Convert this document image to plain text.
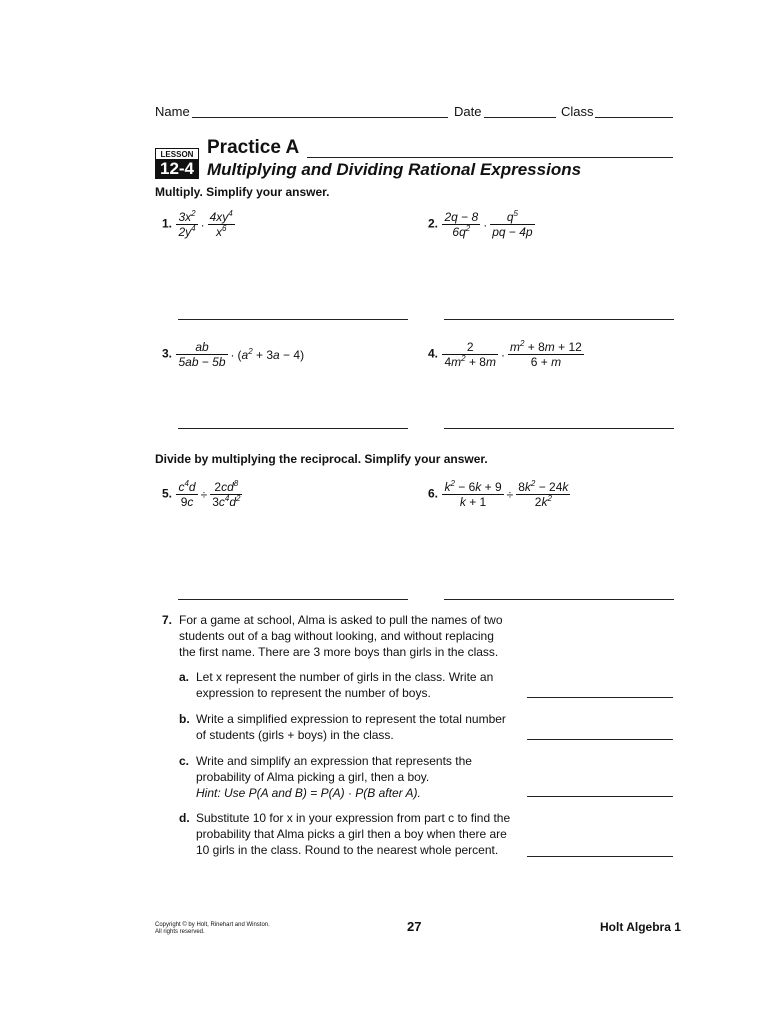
Name	Date	Class
LESSON
12-4
Practice A
Multiplying and Dividing Rational Expressions
Multiply. Simplify your answer.
1. $\frac{3x^2}{2y^4} \cdot \frac{4xy^4}{x^6}$	2. $\frac{2q - 8}{6q^2} \cdot \frac{q^5}{pq - 4p}$
3. $\frac{ab}{5ab - 5b} \cdot (a^2 + 3a - 4)$	4. $\frac{2}{4m^2 + 8m} \cdot \frac{m^2 + 8m + 12}{6 + m}$
Divide by multiplying the reciprocal. Simplify your answer.
5. $\frac{c^4d}{9c} \div \frac{2cd^8}{3c^4d^2}$	6. $\frac{k^2 - 6k + 9}{k + 1} \div \frac{8k^2 - 24k}{2k^2}$
7. For a game at school, Alma is asked to pull the names of two
students out of a bag without looking, and without replacing
the first name. There are 3 more boys than girls in the class.
a. Let x represent the number of girls in the class. Write an
expression to represent the number of boys.
b. Write a simplified expression to represent the total number
of students (girls + boys) in the class.
c. Write and simplify an expression that represents the
probability of Alma picking a girl, then a boy.
Hint: Use P(A and B) = P(A) · P(B after A).
d. Substitute 10 for x in your expression from part c to find the
probability that Alma picks a girl then a boy when there are
10 girls in the class. Round to the nearest whole percent.
Copyright © by Holt, Rinehart and Winston.
All rights reserved.	27	Holt Algebra 1
